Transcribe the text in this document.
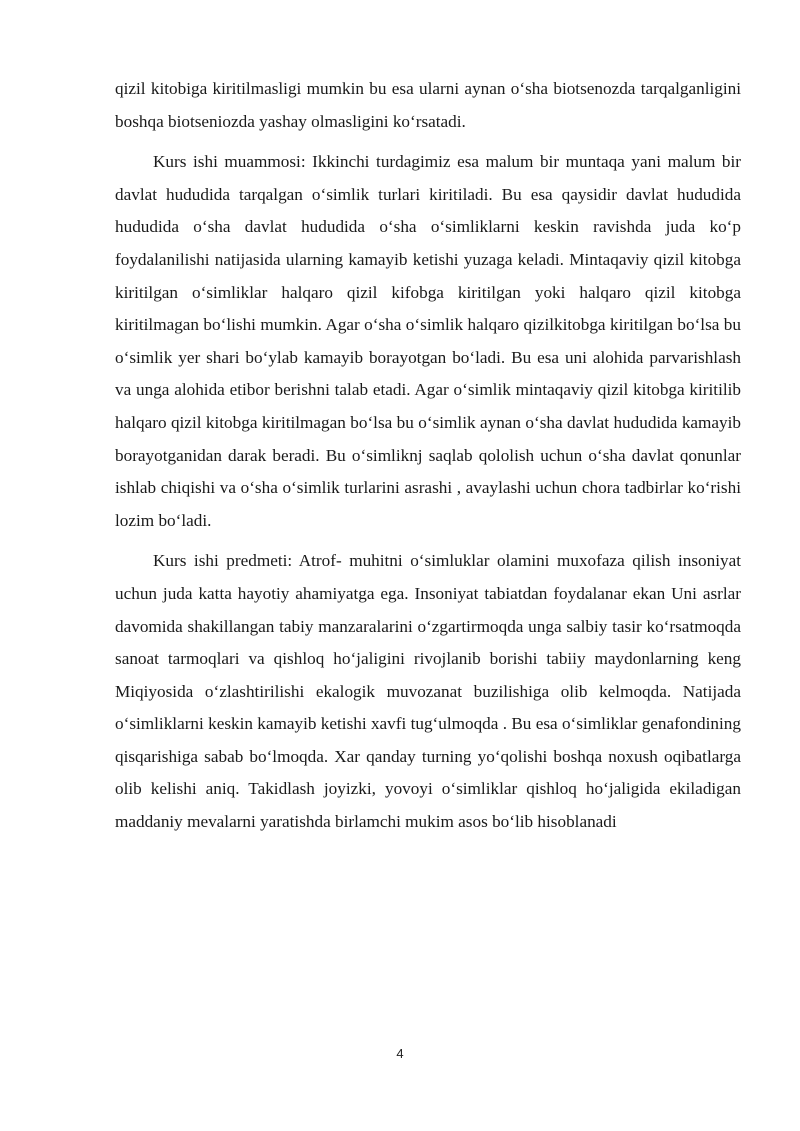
qizil kitobiga kiritilmasligi mumkin bu esa ularni aynan o‘sha biotsenozda tarqalganligini boshqa biotseniozda yashay olmasligini ko‘rsatadi.

Kurs ishi muammosi: Ikkinchi turdagimiz esa malum bir muntaqa yani malum bir davlat hududida tarqalgan o‘simlik turlari kiritiladi. Bu esa qaysidir davlat hududida hududida o‘sha davlat hududida o‘sha o‘simliklarni keskin ravishda juda ko‘p foydalanilishi natijasida ularning kamayib ketishi yuzaga keladi. Mintaqaviy qizil kitobga kiritilgan o‘simliklar halqaro qizil kifobga kiritilgan yoki halqaro qizil kitobga kiritilmagan bo‘lishi mumkin. Agar o‘sha o‘simlik halqaro qizilkitobga kiritilgan bo‘lsa bu o‘simlik yer shari bo‘ylab kamayib borayotgan bo‘ladi. Bu esa uni alohida parvarishlash va unga alohida etibor berishni talab etadi. Agar o‘simlik mintaqaviy qizil kitobga kiritilib halqaro qizil kitobga kiritilmagan bo‘lsa bu o‘simlik aynan o‘sha davlat hududida kamayib borayotganidan darak beradi. Bu o‘simliknj saqlab qololish uchun o‘sha davlat qonunlar ishlab chiqishi va o‘sha o‘simlik turlarini asrashi , avaylashi uchun chora tadbirlar ko‘rishi lozim bo‘ladi.

Kurs ishi predmeti: Atrof- muhitni o‘simluklar olamini muxofaza qilish insoniyat uchun juda katta hayotiy ahamiyatga ega. Insoniyat tabiatdan foydalanar ekan Uni asrlar davomida shakillangan tabiy manzaralarini o‘zgartirmoqda unga salbiy tasir ko‘rsatmoqda sanoat tarmoqlari va qishloq ho‘jaligini rivojlanib borishi tabiiy maydonlarning keng Miqiyosida o‘zlashtirilishi ekalogik muvozanat buzilishiga olib kelmoqda. Natijada o‘simliklarni keskin kamayib ketishi xavfi tug‘ulmoqda . Bu esa o‘simliklar genafondining qisqarishiga sabab bo‘lmoqda. Xar qanday turning yo‘qolishi boshqa noxush oqibatlarga olib kelishi aniq. Takidlash joyizki, yovoyi o‘simliklar qishloq ho‘jaligida ekiladigan maddaniy mevalarni yaratishda birlamchi mukim asos bo‘lib hisoblanadi

4
